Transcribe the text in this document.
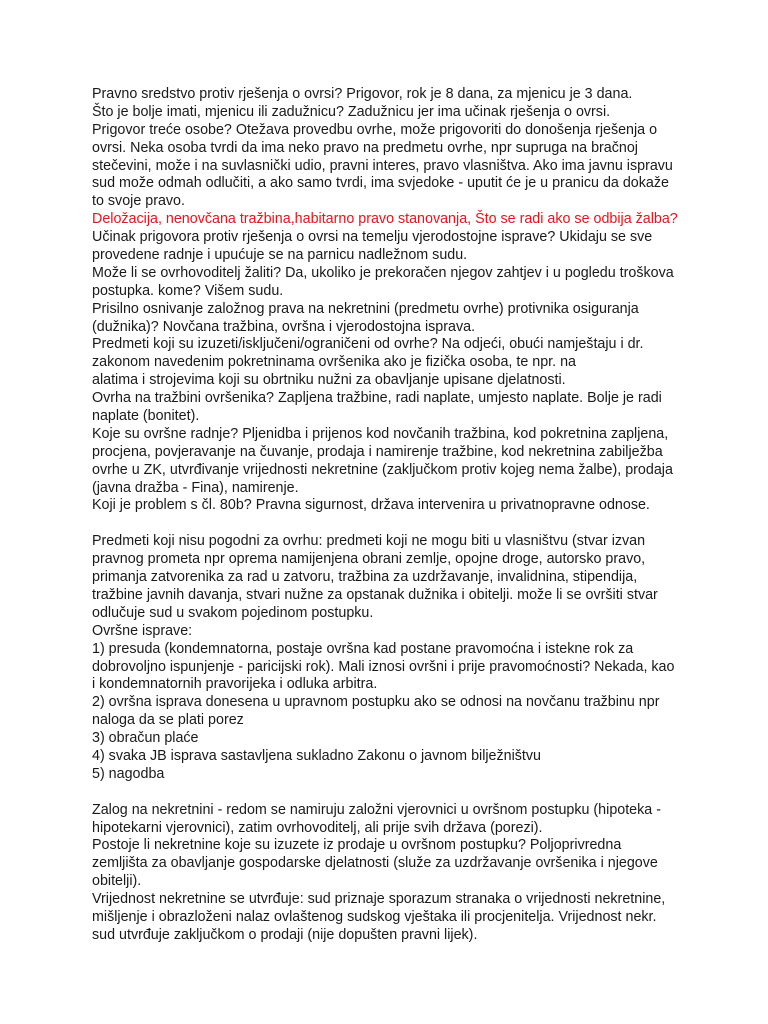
Pravno sredstvo protiv rješenja o ovrsi? Prigovor, rok je 8 dana, za mjenicu je 3 dana.
Što je bolje imati, mjenicu ili zadužnicu? Zadužnicu jer ima učinak rješenja o ovrsi.
Prigovor treće osobe? Otežava provedbu ovrhe, može prigovoriti do donošenja rješenja o
ovrsi. Neka osoba tvrdi da ima neko pravo na predmetu ovrhe, npr supruga na bračnoj
stečevini, može i na suvlasnički udio, pravni interes, pravo vlasništva. Ako ima javnu ispravu
sud može odmah odlučiti, a ako samo tvrdi, ima svjedoke - uputit će je u pranicu da dokaže
to svoje pravo.
Deložacija, nenovčana tražbina,habitarno pravo stanovanja, Što se radi ako se odbija žalba?
Učinak prigovora protiv rješenja o ovrsi na temelju vjerodostojne isprave? Ukidaju se sve
provedene radnje i upućuje se na parnicu nadležnom sudu.
Može li se ovrhovoditelj žaliti? Da, ukoliko je prekoračen njegov zahtjev i u pogledu troškova
postupka. kome? Višem sudu.
Prisilno osnivanje založnog prava na nekretnini (predmetu ovrhe) protivnika osiguranja
(dužnika)? Novčana tražbina, ovršna i vjerodostojna isprava.
Predmeti koji su izuzeti/isključeni/ograničeni od ovrhe? Na odjeći, obući namještaju i dr.
zakonom navedenim pokretninama ovršenika ako je fizička osoba, te npr. na
alatima i strojevima koji su obrtniku nužni za obavljanje upisane djelatnosti.
Ovrha na tražbini ovršenika? Zapljena tražbine, radi naplate, umjesto naplate. Bolje je radi
naplate (bonitet).
Koje su ovršne radnje? Pljenidba i prijenos kod novčanih tražbina, kod pokretnina zapljena,
procjena, povjeravanje na čuvanje, prodaja i namirenje tražbine, kod nekretnina zabilježba
ovrhe u ZK, utvrđivanje vrijednosti nekretnine (zaključkom protiv kojeg nema žalbe), prodaja
(javna dražba - Fina), namirenje.
Koji je problem s čl. 80b? Pravna sigurnost, država intervenira u privatnopravne odnose.
Predmeti koji nisu pogodni za ovrhu: predmeti koji ne mogu biti u vlasništvu (stvar izvan
pravnog prometa npr oprema namijenjena obrani zemlje, opojne droge, autorsko pravo,
primanja zatvorenika za rad u zatvoru, tražbina za uzdržavanje, invalidnina, stipendija,
tražbine javnih davanja, stvari nužne za opstanak dužnika i obitelji. može li se ovršiti stvar
odlučuje sud u svakom pojedinom postupku.
Ovršne isprave:
1) presuda (kondemnatorna, postaje ovršna kad postane pravomoćna i istekne rok za
dobrovoljno ispunjenje - paricijski rok). Mali iznosi ovršni i prije pravomoćnosti? Nekada, kao
i kondemnatornih pravorijeka i odluka arbitra.
2) ovršna isprava donesena u upravnom postupku ako se odnosi na novčanu tražbinu npr
naloga da se plati porez
3) obračun plaće
4) svaka JB isprava sastavljena sukladno Zakonu o javnom bilježništvu
5) nagodba
Zalog na nekretnini - redom se namiruju založni vjerovnici u ovršnom postupku (hipoteka -
hipotekarni vjerovnici), zatim ovrhovoditelj, ali prije svih država (porezi).
Postoje li nekretnine koje su izuzete iz prodaje u ovršnom postupku? Poljoprivredna
zemljišta za obavljanje gospodarske djelatnosti (služe za uzdržavanje ovršenika i njegove
obitelji).
Vrijednost nekretnine se utvrđuje: sud priznaje sporazum stranaka o vrijednosti nekretnine,
mišljenje i obrazloženi nalaz ovlaštenog sudskog vještaka ili procjenitelja. Vrijednost nekr.
sud utvrđuje zaključkom o prodaji (nije dopušten pravni lijek).
